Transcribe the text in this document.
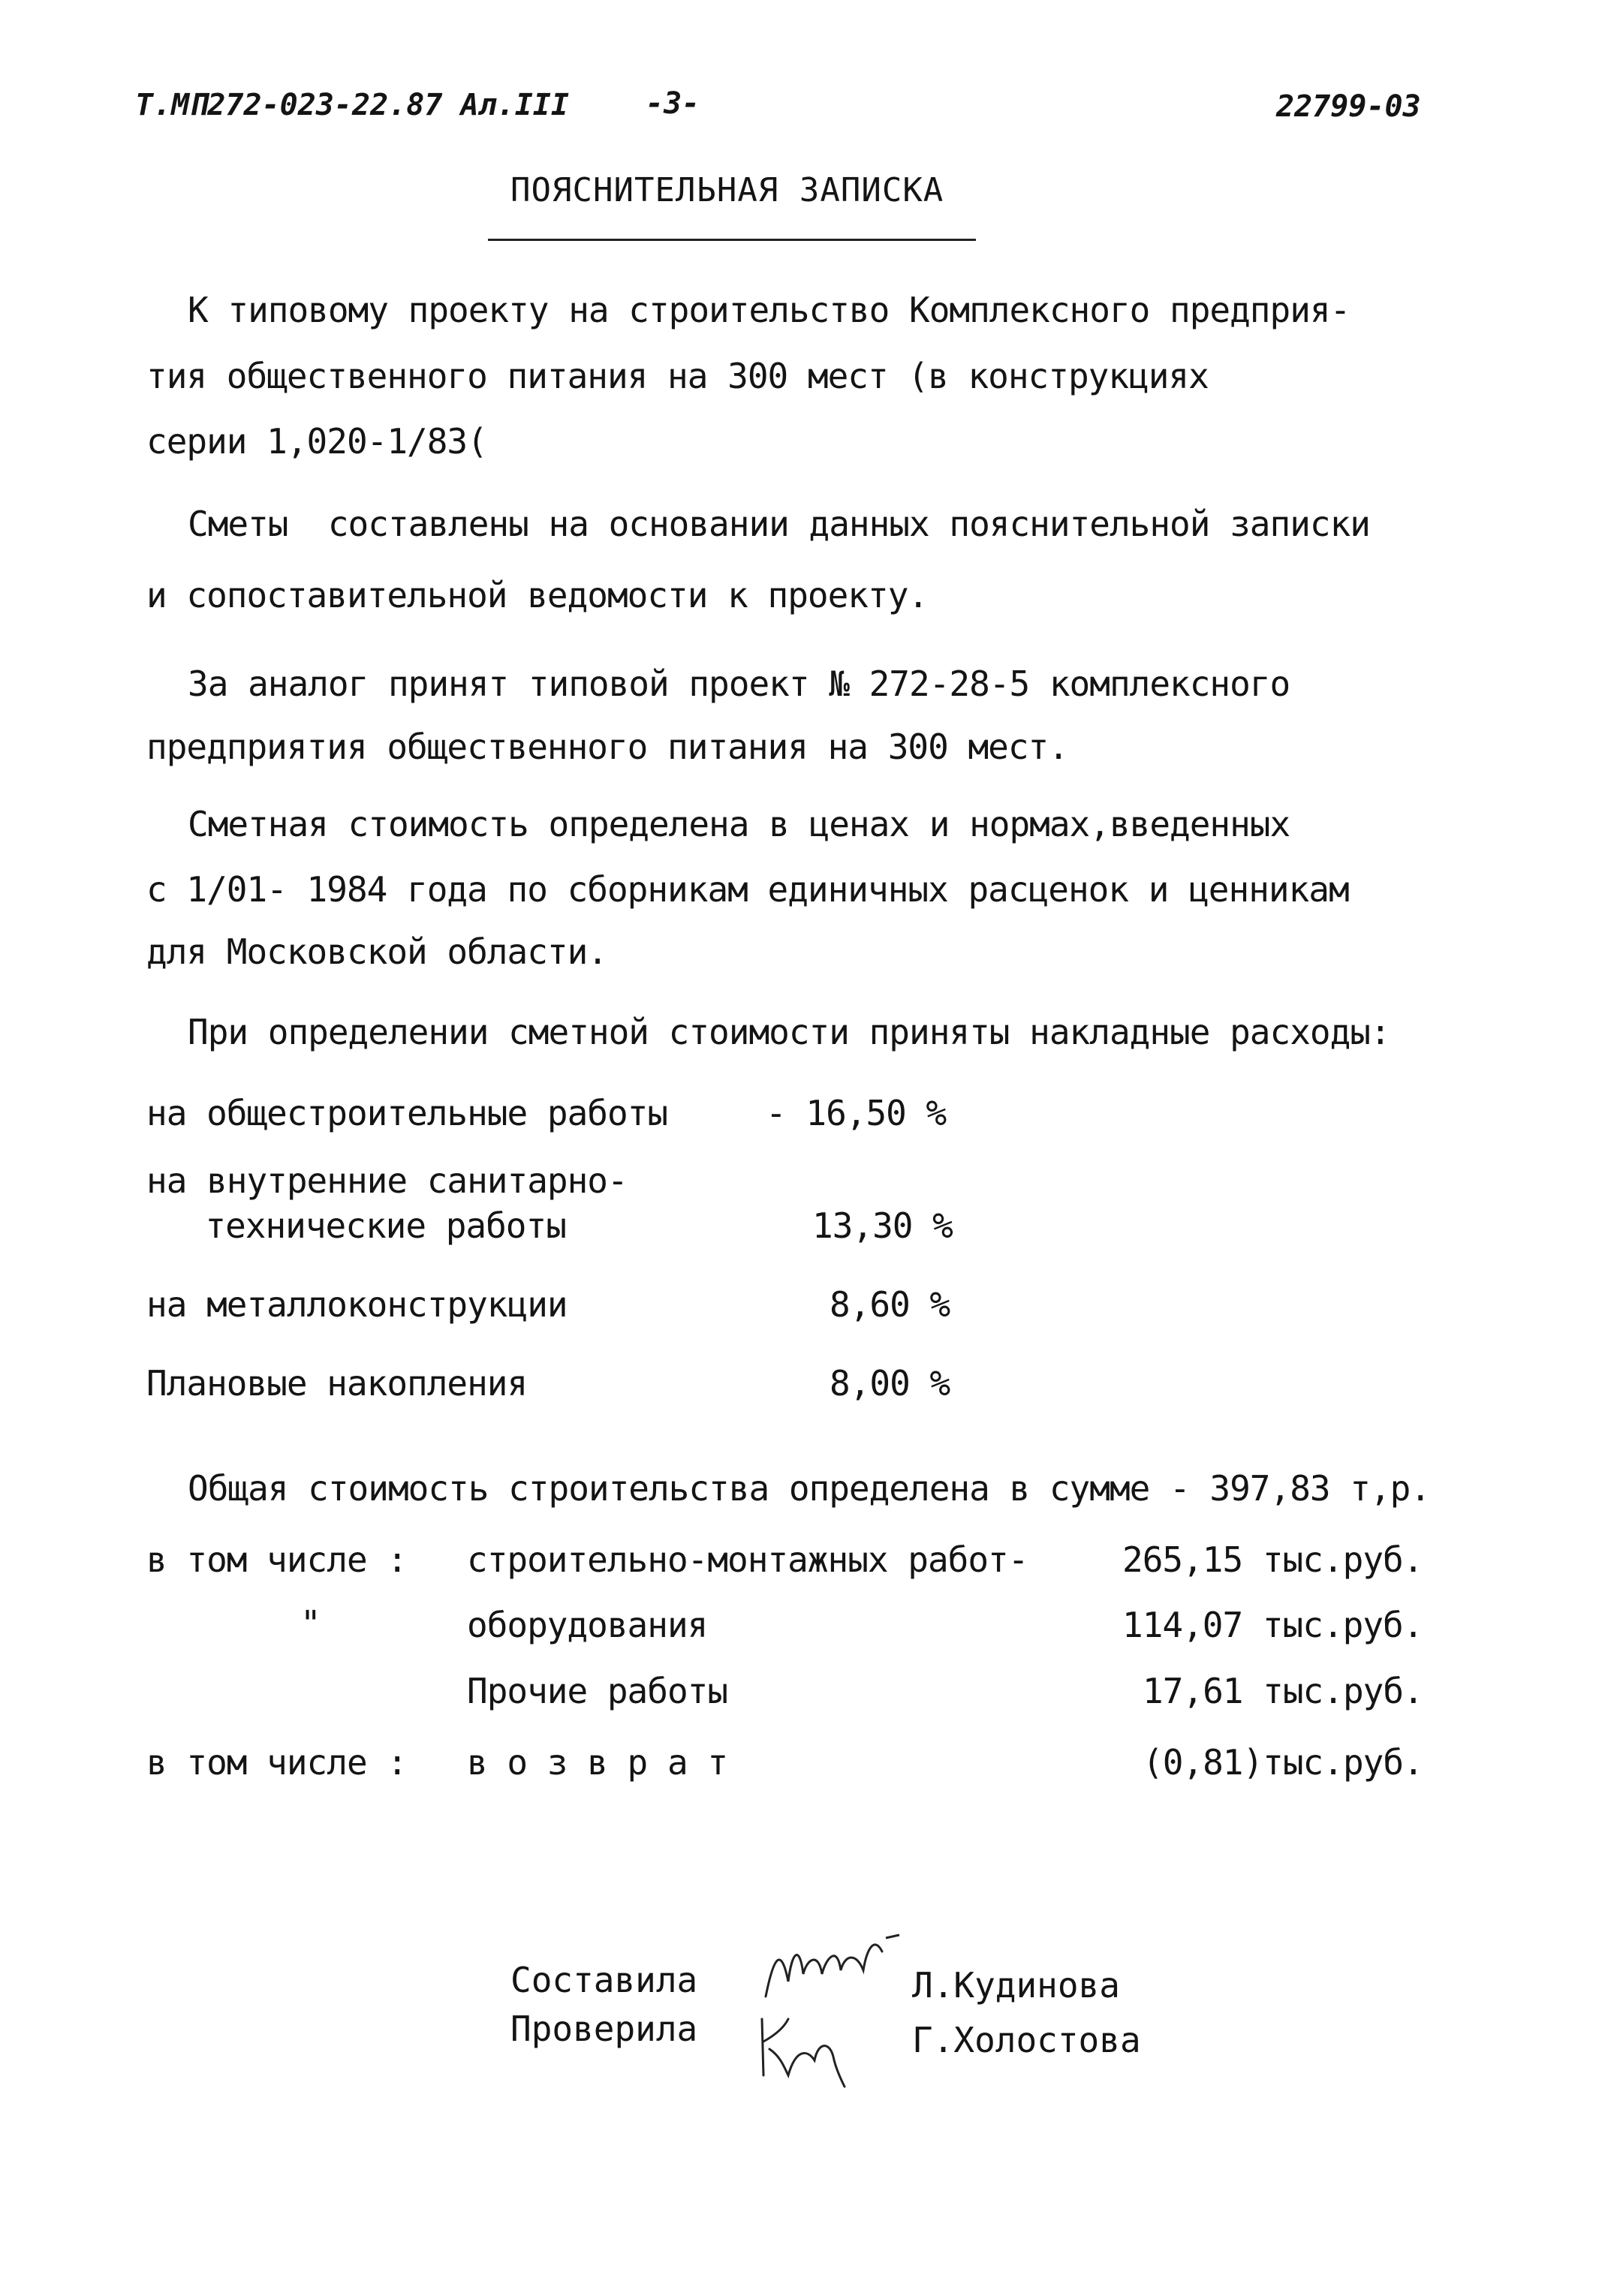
Т.МП272-023-22.87 Ал.III	-3-	22799-03
ПОЯСНИТЕЛЬНАЯ ЗАПИСКА
К типовому проекту на строительство Комплексного предприя-
тия общественного питания на 300 мест (в конструкциях
серии 1,020-1/83(
Сметы  составлены на основании данных пояснительной записки
и сопоставительной ведомости к проекту.
За аналог принят типовой проект № 272-28-5 комплексного
предприятия общественного питания на 300 мест.
Сметная стоимость определена в ценах и нормах,введенных
с 1/01- 1984 года по сборникам единичных расценок и ценникам
для Московской области.
При определении сметной стоимости приняты накладные расходы:
на общестроительные работы	- 16,50 %
на внутренние санитарно-
технические работы	13,30 %
на металлоконструкции	8,60 %
Плановые накопления	8,00 %
Общая стоимость строительства определена в сумме - 397,83 т,р.
в том числе : строительно-монтажных работ-	265,15 тыс.руб.
"	оборудования	114,07 тыс.руб.
Прочие работы	17,61 тыс.руб.
в том числе : в о з в р а т	(0,81)тыс.руб.
Составила
Проверила
Л.Кудинова
Г.Холостова
